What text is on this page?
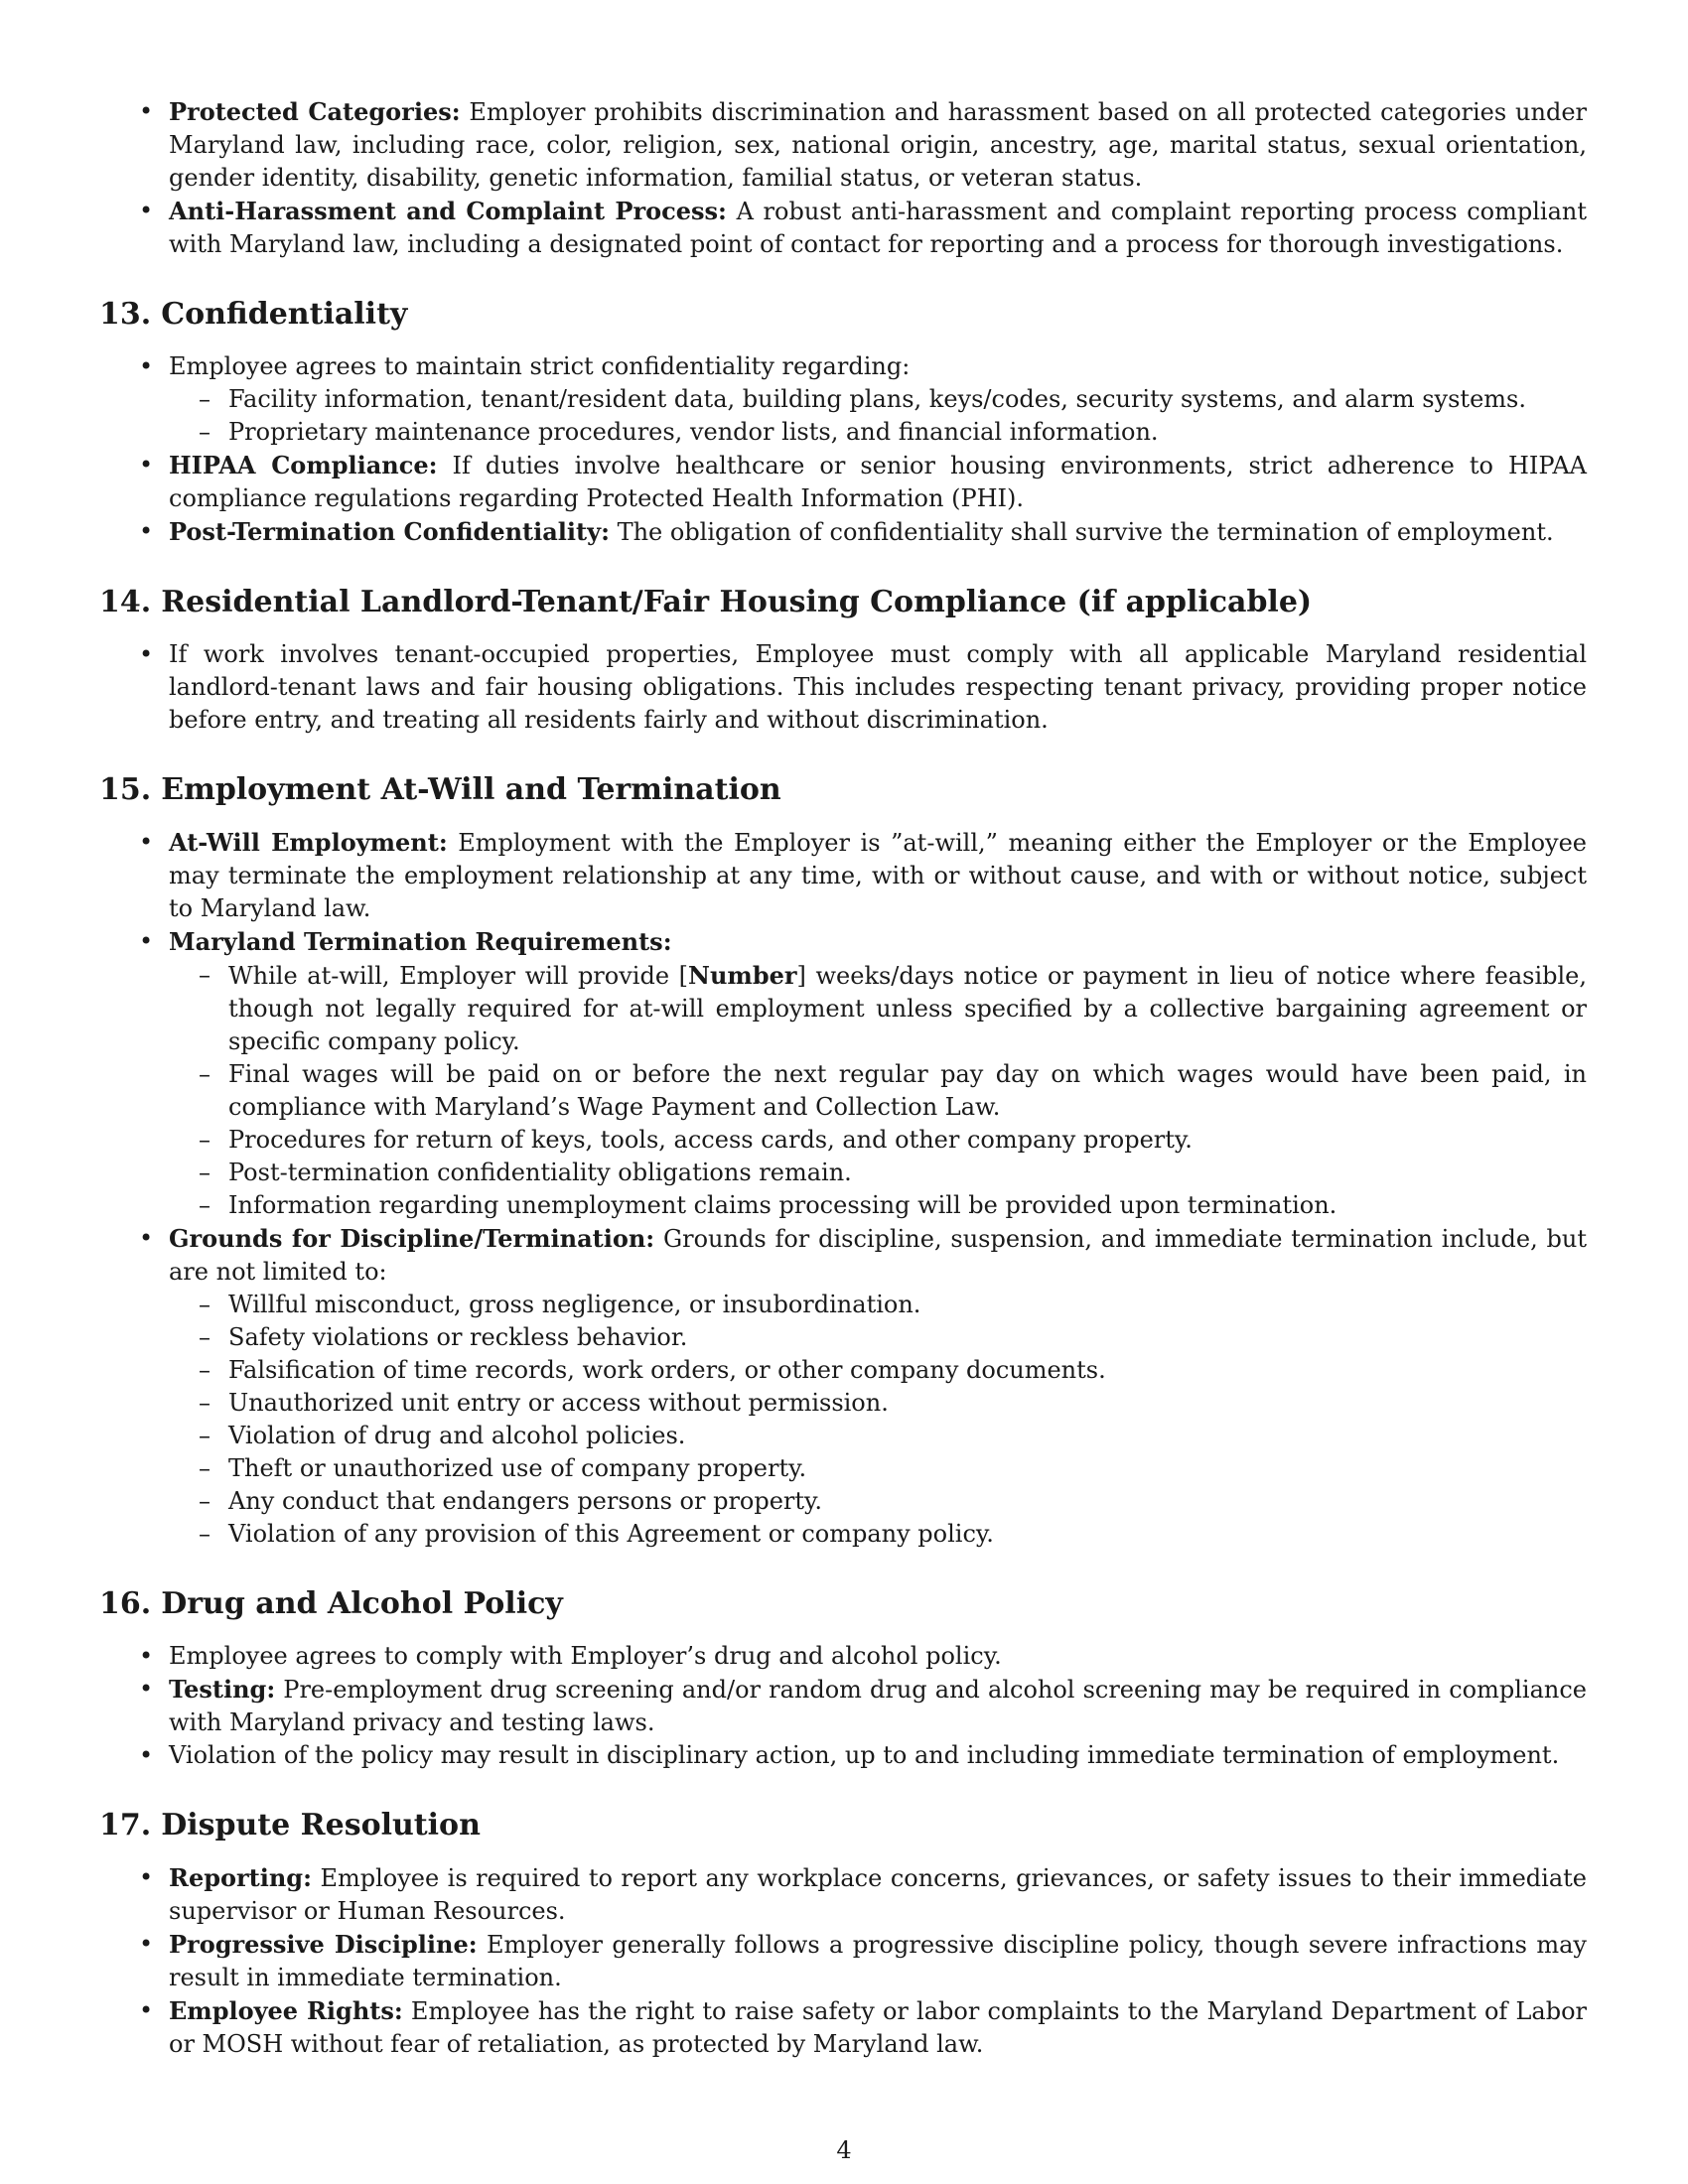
• Protected Categories: Employer prohibits discrimination and harassment based on all protected categories under Maryland law, including race, color, religion, sex, national origin, ancestry, age, marital status, sexual orientation, gender identity, disability, genetic information, familial status, or veteran status.
• Anti-Harassment and Complaint Process: A robust anti-harassment and complaint reporting process compliant with Maryland law, including a designated point of contact for reporting and a process for thorough investigations.
13. Confidentiality
• Employee agrees to maintain strict confidentiality regarding:
– Facility information, tenant/resident data, building plans, keys/codes, security systems, and alarm systems.
– Proprietary maintenance procedures, vendor lists, and financial information.
• HIPAA Compliance: If duties involve healthcare or senior housing environments, strict adherence to HIPAA compliance regulations regarding Protected Health Information (PHI).
• Post-Termination Confidentiality: The obligation of confidentiality shall survive the termination of employment.
14. Residential Landlord-Tenant/Fair Housing Compliance (if applicable)
• If work involves tenant-occupied properties, Employee must comply with all applicable Maryland residential landlord-tenant laws and fair housing obligations. This includes respecting tenant privacy, providing proper notice before entry, and treating all residents fairly and without discrimination.
15. Employment At-Will and Termination
• At-Will Employment: Employment with the Employer is ”at-will,” meaning either the Employer or the Employee may terminate the employment relationship at any time, with or without cause, and with or without notice, subject to Maryland law.
• Maryland Termination Requirements:
– While at-will, Employer will provide [Number] weeks/days notice or payment in lieu of notice where feasible, though not legally required for at-will employment unless specified by a collective bargaining agreement or specific company policy.
– Final wages will be paid on or before the next regular pay day on which wages would have been paid, in compliance with Maryland’s Wage Payment and Collection Law.
– Procedures for return of keys, tools, access cards, and other company property.
– Post-termination confidentiality obligations remain.
– Information regarding unemployment claims processing will be provided upon termination.
• Grounds for Discipline/Termination: Grounds for discipline, suspension, and immediate termination include, but are not limited to:
– Willful misconduct, gross negligence, or insubordination.
– Safety violations or reckless behavior.
– Falsification of time records, work orders, or other company documents.
– Unauthorized unit entry or access without permission.
– Violation of drug and alcohol policies.
– Theft or unauthorized use of company property.
– Any conduct that endangers persons or property.
– Violation of any provision of this Agreement or company policy.
16. Drug and Alcohol Policy
• Employee agrees to comply with Employer’s drug and alcohol policy.
• Testing: Pre-employment drug screening and/or random drug and alcohol screening may be required in compliance with Maryland privacy and testing laws.
• Violation of the policy may result in disciplinary action, up to and including immediate termination of employment.
17. Dispute Resolution
• Reporting: Employee is required to report any workplace concerns, grievances, or safety issues to their immediate supervisor or Human Resources.
• Progressive Discipline: Employer generally follows a progressive discipline policy, though severe infractions may result in immediate termination.
• Employee Rights: Employee has the right to raise safety or labor complaints to the Maryland Department of Labor or MOSH without fear of retaliation, as protected by Maryland law.
4
